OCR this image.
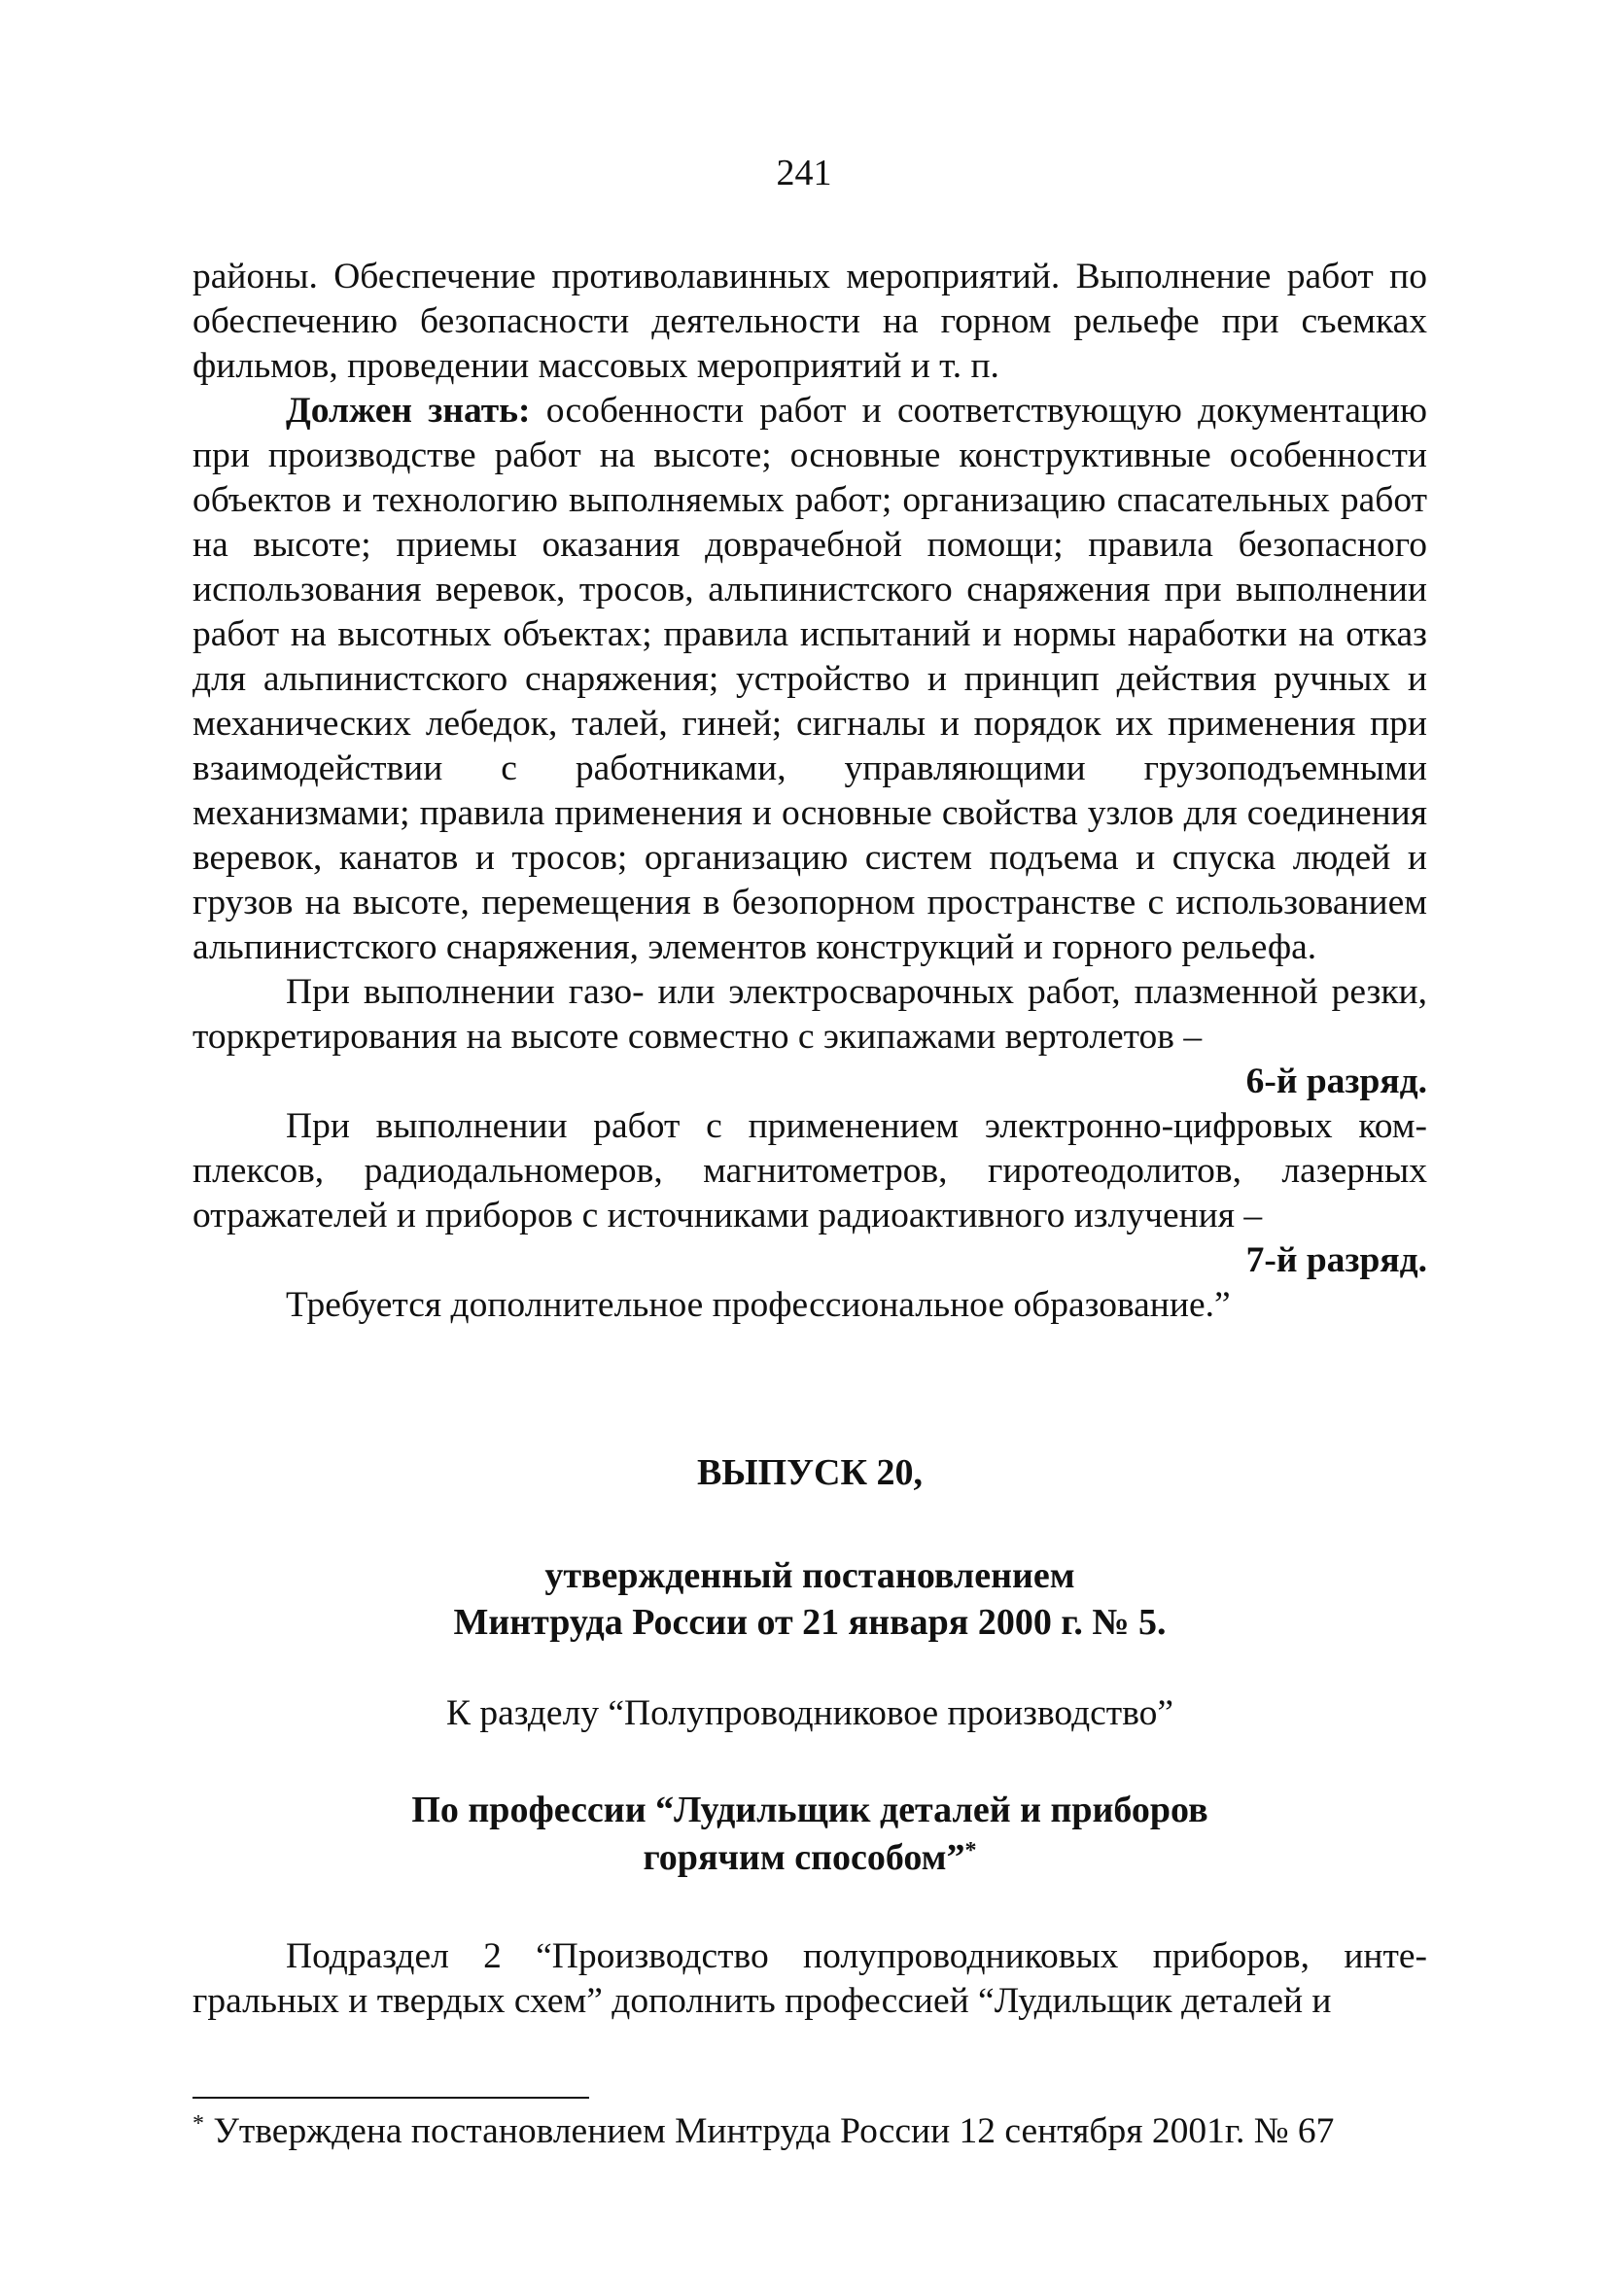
241

районы. Обеспечение противолавинных мероприятий. Выполнение работ по обеспечению безопасности деятельности на горном рельефе при съемках фильмов, проведении массовых мероприятий и т. п.

Должен знать: особенности работ и соответствующую документацию при производстве работ на высоте; основные конструктивные особенности объектов и технологию выполняемых работ; организацию спасательных работ на высоте; приемы оказания доврачебной помощи; правила безопасного использования веревок, тросов, альпинистского снаряжения при выполнении работ на высотных объектах; правила испытаний и нормы наработки на отказ для альпинистского снаряжения; устройство и принцип действия ручных и механических лебедок, талей, гиней; сигналы и порядок их применения при взаимодействии с работниками, управляющими грузоподъемными механизмами; правила применения и основные свойства узлов для соединения веревок, канатов и тросов; организацию систем подъема и спуска людей и грузов на высоте, перемещения в безопорном пространстве с использованием альпинистского снаряжения, элементов конструкций и горного рельефа.

При выполнении газо- или электросварочных работ, плазменной резки, торкретирования на высоте совместно с экипажами вертолетов –

6-й разряд.

При выполнении работ с применением электронно-цифровых комплексов, радиодальномеров, магнитометров, гиротеодолитов, лазерных отражателей и приборов с источниками радиоактивного излучения –

7-й разряд.

Требуется дополнительное профессиональное образование.”

ВЫПУСК 20,
утвержденный постановлением
Минтруда России от 21 января 2000 г. № 5.
К разделу “Полупроводниковое производство”
По профессии “Лудильщик деталей и приборов
горячим способом”*

Подраздел 2 “Производство полупроводниковых приборов, интегральных и твердых схем” дополнить профессией “Лудильщик деталей и

* Утверждена постановлением Минтруда России 12 сентября 2001г. № 67
